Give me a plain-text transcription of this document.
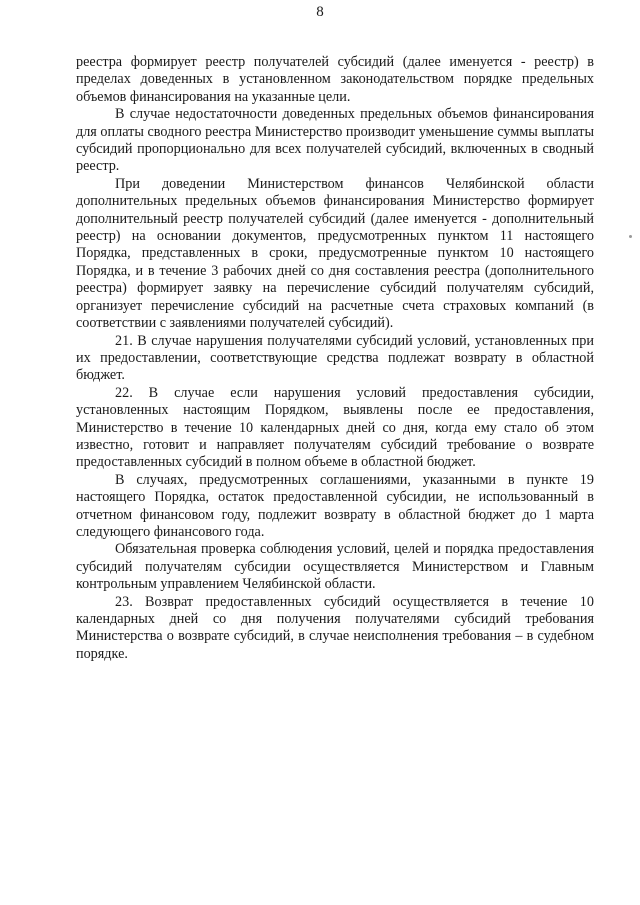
8

реестра формирует реестр получателей субсидий (далее именуется - реестр) в пределах доведенных в установленном законодательством порядке предельных объемов финансирования на указанные цели.

В случае недостаточности доведенных предельных объемов финансирования для оплаты сводного реестра Министерство производит уменьшение суммы выплаты субсидий пропорционально для всех получателей субсидий, включенных в сводный реестр.

При доведении Министерством финансов Челябинской области дополнительных предельных объемов финансирования Министерство формирует дополнительный реестр получателей субсидий (далее именуется - дополнительный реестр) на основании документов, предусмотренных пунктом 11 настоящего Порядка, представленных в сроки, предусмотренные пунктом 10 настоящего Порядка, и в течение 3 рабочих дней со дня составления реестра (дополнительного реестра) формирует заявку на перечисление субсидий получателям субсидий, организует перечисление субсидий на расчетные счета страховых компаний (в соответствии с заявлениями получателей субсидий).

21. В случае нарушения получателями субсидий условий, установленных при их предоставлении, соответствующие средства подлежат возврату в областной бюджет.

22. В случае если нарушения условий предоставления субсидии, установленных настоящим Порядком, выявлены после ее предоставления, Министерство в течение 10 календарных дней со дня, когда ему стало об этом известно, готовит и направляет получателям субсидий требование о возврате предоставленных субсидий в полном объеме в областной бюджет.

В случаях, предусмотренных соглашениями, указанными в пункте 19 настоящего Порядка, остаток предоставленной субсидии, не использованный в отчетном финансовом году, подлежит возврату в областной бюджет до 1 марта следующего финансового года.

Обязательная проверка соблюдения условий, целей и порядка предоставления субсидий получателям субсидии осуществляется Министерством и Главным контрольным управлением Челябинской области.

23. Возврат предоставленных субсидий осуществляется в течение 10 календарных дней со дня получения получателями субсидий требования Министерства о возврате субсидий, в случае неисполнения требования – в судебном порядке.
